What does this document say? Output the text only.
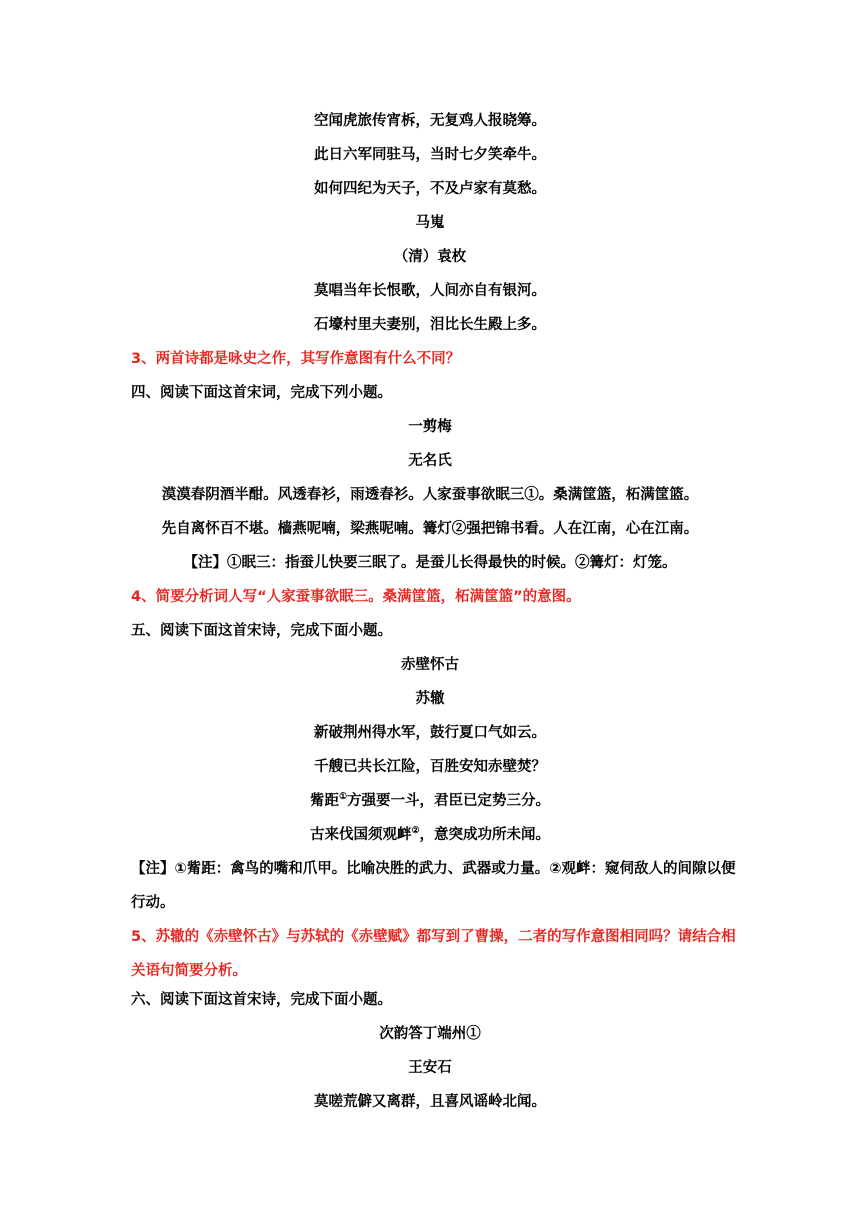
空闻虎旅传宵柝，无复鸡人报晓筹。
此日六军同驻马，当时七夕笑牵牛。
如何四纪为天子，不及卢家有莫愁。
马嵬
（清）袁枚
莫唱当年长恨歌，人间亦自有银河。
石壕村里夫妻别，泪比长生殿上多。
3、两首诗都是咏史之作，其写作意图有什么不同？
四、阅读下面这首宋词，完成下列小题。
一剪梅
无名氏
漠漠春阴酒半酣。风透春衫，雨透春衫。人家蚕事欲眠三①。桑满筐篮，柘满筐篮。
先自离怀百不堪。樯燕呢喃，梁燕呢喃。篝灯②强把锦书看。人在江南，心在江南。
【注】①眠三：指蚕儿快要三眠了。是蚕儿长得最快的时候。②篝灯：灯笼。
4、简要分析词人写“人家蚕事欲眠三。桑满筐篮，柘满筐篮”的意图。
五、阅读下面这首宋诗，完成下面小题。
赤壁怀古
苏辙
新破荆州得水军，鼓行夏口气如云。
千艘已共长江险，百胜安知赤壁焚？
觜距①方强要一斗，君臣已定势三分。
古来伐国须观衅②，意突成功所未闻。
【注】①觜距：禽鸟的嘴和爪甲。比喻决胜的武力、武器或力量。②观衅：窥伺敌人的间隙以便行动。
5、苏辙的《赤壁怀古》与苏轼的《赤壁赋》都写到了曹操，二者的写作意图相同吗？请结合相关语句简要分析。
六、阅读下面这首宋诗，完成下面小题。
次韵答丁端州①
王安石
莫嗟荒僻又离群，且喜风谣岭北闻。
